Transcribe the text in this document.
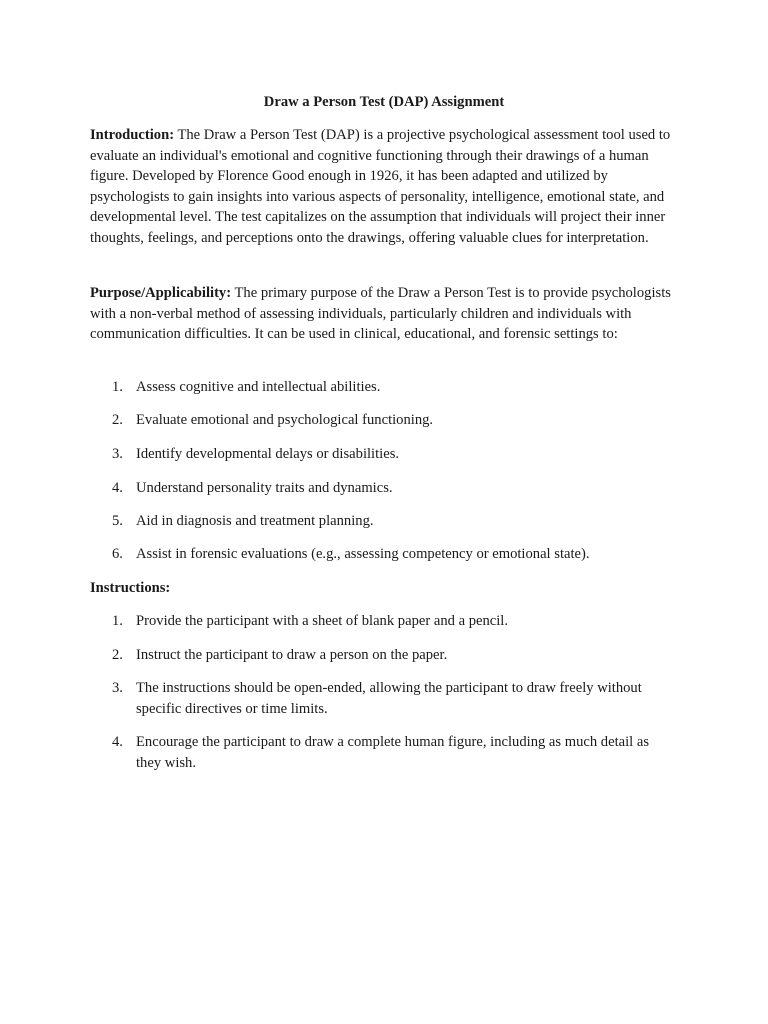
Draw a Person Test (DAP) Assignment

Introduction: The Draw a Person Test (DAP) is a projective psychological assessment tool used to evaluate an individual's emotional and cognitive functioning through their drawings of a human figure. Developed by Florence Good enough in 1926, it has been adapted and utilized by psychologists to gain insights into various aspects of personality, intelligence, emotional state, and developmental level. The test capitalizes on the assumption that individuals will project their inner thoughts, feelings, and perceptions onto the drawings, offering valuable clues for interpretation.

Purpose/Applicability: The primary purpose of the Draw a Person Test is to provide psychologists with a non-verbal method of assessing individuals, particularly children and individuals with communication difficulties. It can be used in clinical, educational, and forensic settings to:

1. Assess cognitive and intellectual abilities.
2. Evaluate emotional and psychological functioning.
3. Identify developmental delays or disabilities.
4. Understand personality traits and dynamics.
5. Aid in diagnosis and treatment planning.
6. Assist in forensic evaluations (e.g., assessing competency or emotional state).

Instructions:

1. Provide the participant with a sheet of blank paper and a pencil.
2. Instruct the participant to draw a person on the paper.
3. The instructions should be open-ended, allowing the participant to draw freely without specific directives or time limits.
4. Encourage the participant to draw a complete human figure, including as much detail as they wish.
